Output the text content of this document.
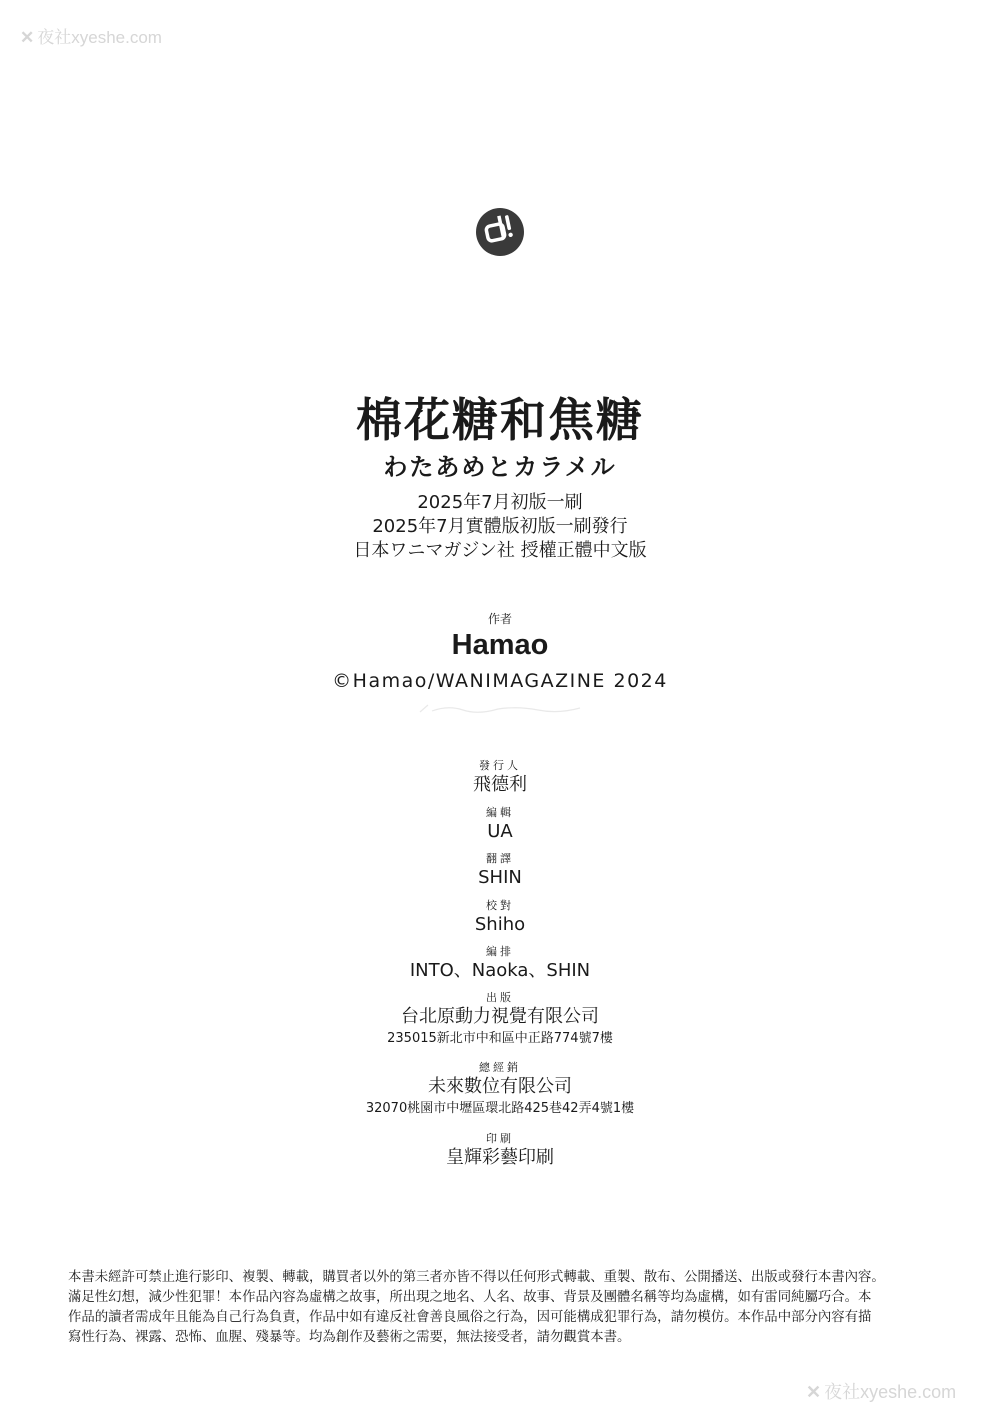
✕ 夜社xyeshe.com
棉花糖和焦糖
わたあめとカラメル
2025年7月初版一刷
2025年7月實體版初版一刷發行
日本ワニマガジン社 授權正體中文版
作者
Hamao
©Hamao/WANIMAGAZINE 2024
發行人
飛德利
編輯
UA
翻譯
SHIN
校對
Shiho
編排
INTO、Naoka、SHIN
出版
台北原動力視覺有限公司
235015新北市中和區中正路774號7樓
總經銷
未來數位有限公司
32070桃園市中壢區環北路425巷42弄4號1樓
印刷
皇輝彩藝印刷

本書未經許可禁止進行影印、複製、轉載，購買者以外的第三者亦皆不得以任何形式轉載、重製、散布、公開播送、出版或發行本書內容。

滿足性幻想，減少性犯罪！本作品內容為虛構之故事，所出現之地名、人名、故事、背景及團體名稱等均為虛構，如有雷同純屬巧合。本

作品的讀者需成年且能為自己行為負責，作品中如有違反社會善良風俗之行為，因可能構成犯罪行為，請勿模仿。本作品中部分內容有描

寫性行為、裸露、恐怖、血腥、殘暴等。均為創作及藝術之需要，無法接受者，請勿觀賞本書。

✕ 夜社xyeshe.com
